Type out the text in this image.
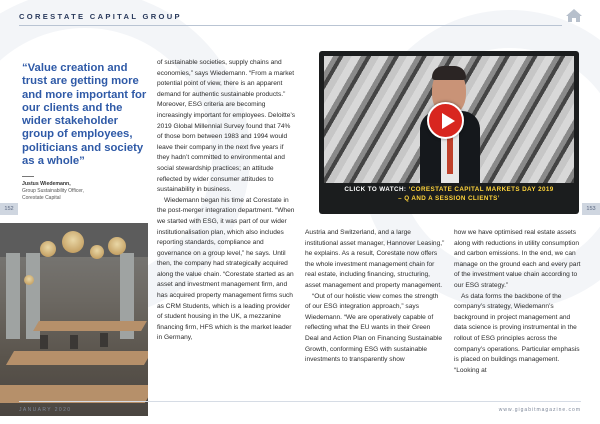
CORESTATE CAPITAL GROUP
“Value creation and trust are getting more and more important for our clients and the wider stakeholder group of employees, politicians and society as a whole”
Justus Wiedemann,
Group Sustainability Officer,
Corestate Capital
152	153

of sustainable societies, supply chains and economies,” says Wiedemann. “From a market potential point of view, there is an apparent demand for authentic sustainable products.” Moreover, ESG criteria are becoming increasingly important for employees. Deloitte’s 2019 Global Millennial Survey found that 74% of those born between 1983 and 1994 would leave their company in the next five years if they hadn’t committed to environmental and social stewardship practices; an attitude reflected by wider consumer attitudes to sustainability in business.

Wiedemann began his time at Corestate in the post-merger integration department. “When we started with ESG, it was part of our wider institutionalisation plan, which also includes reporting standards, compliance and governance on a group level,” he says. Until then, the company had strategically acquired along the value chain. “Corestate started as an asset and investment management firm, and has acquired property management firms such as CRM Students, which is a leading provider of student housing in the UK, a mezzanine financing firm, HFS which is the market leader in Germany,

CLICK TO WATCH: ‘CORESTATE CAPITAL MARKETS DAY 2019
– Q AND A SESSION CLIENTS’

Austria and Switzerland, and a large institutional asset manager, Hannover Leasing,” he explains. As a result, Corestate now offers the whole investment management chain for real estate, including financing, structuring, asset management and property management.

“Out of our holistic view comes the strength of our ESG integration approach,” says Wiedemann. “We are operatively capable of reflecting what the EU wants in their Green Deal and Action Plan on Financing Sustainable Growth, conforming ESG with sustainable investments to transparently show

how we have optimised real estate assets along with reductions in utility consumption and carbon emissions. In the end, we can manage on the ground each and every part of the investment value chain according to our ESG strategy.”

As data forms the backbone of the company’s strategy, Wiedemann’s background in project management and data science is proving instrumental in the rollout of ESG principles across the company’s operations. Particular emphasis is placed on buildings management. “Looking at

JANUARY 2020	www.gigabitmagazine.com
